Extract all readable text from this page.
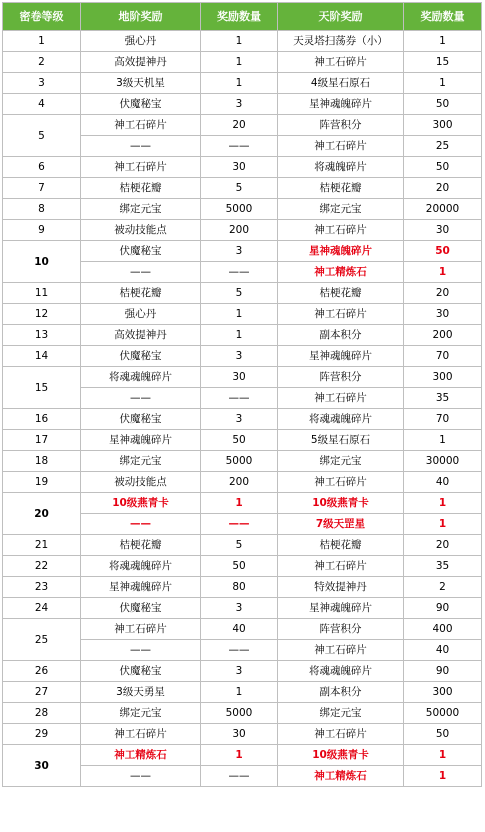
密卷等级	地阶奖励	奖励数量	天阶奖励	奖励数量
1	强心丹	1	天灵塔扫荡券（小）	1
2	高效提神丹	1	神工石碎片	15
3	3级天机星	1	4级星石原石	1
4	伏魔秘宝	3	星神魂魄碎片	50
5	神工石碎片	20	阵营积分	300
	——	——	神工石碎片	25
6	神工石碎片	30	将魂魄碎片	50
7	桔梗花瓣	5	桔梗花瓣	20
8	绑定元宝	5000	绑定元宝	20000
9	被动技能点	200	神工石碎片	30
10	伏魔秘宝	3	星神魂魄碎片	50
	——	——	神工精炼石	1
11	桔梗花瓣	5	桔梗花瓣	20
12	强心丹	1	神工石碎片	30
13	高效提神丹	1	副本积分	200
14	伏魔秘宝	3	星神魂魄碎片	70
15	将魂魂魄碎片	30	阵营积分	300
	——	——	神工石碎片	35
16	伏魔秘宝	3	将魂魂魄碎片	70
17	星神魂魄碎片	50	5级星石原石	1
18	绑定元宝	5000	绑定元宝	30000
19	被动技能点	200	神工石碎片	40
20	10级燕青卡	1	10级燕青卡	1
	——	——	7级天罡星	1
21	桔梗花瓣	5	桔梗花瓣	20
22	将魂魂魄碎片	50	神工石碎片	35
23	星神魂魄碎片	80	特效提神丹	2
24	伏魔秘宝	3	星神魂魄碎片	90
25	神工石碎片	40	阵营积分	400
	——	——	神工石碎片	40
26	伏魔秘宝	3	将魂魂魄碎片	90
27	3级天勇星	1	副本积分	300
28	绑定元宝	5000	绑定元宝	50000
29	神工石碎片	30	神工石碎片	50
30	神工精炼石	1	10级燕青卡	1
	——	——	神工精炼石	1
